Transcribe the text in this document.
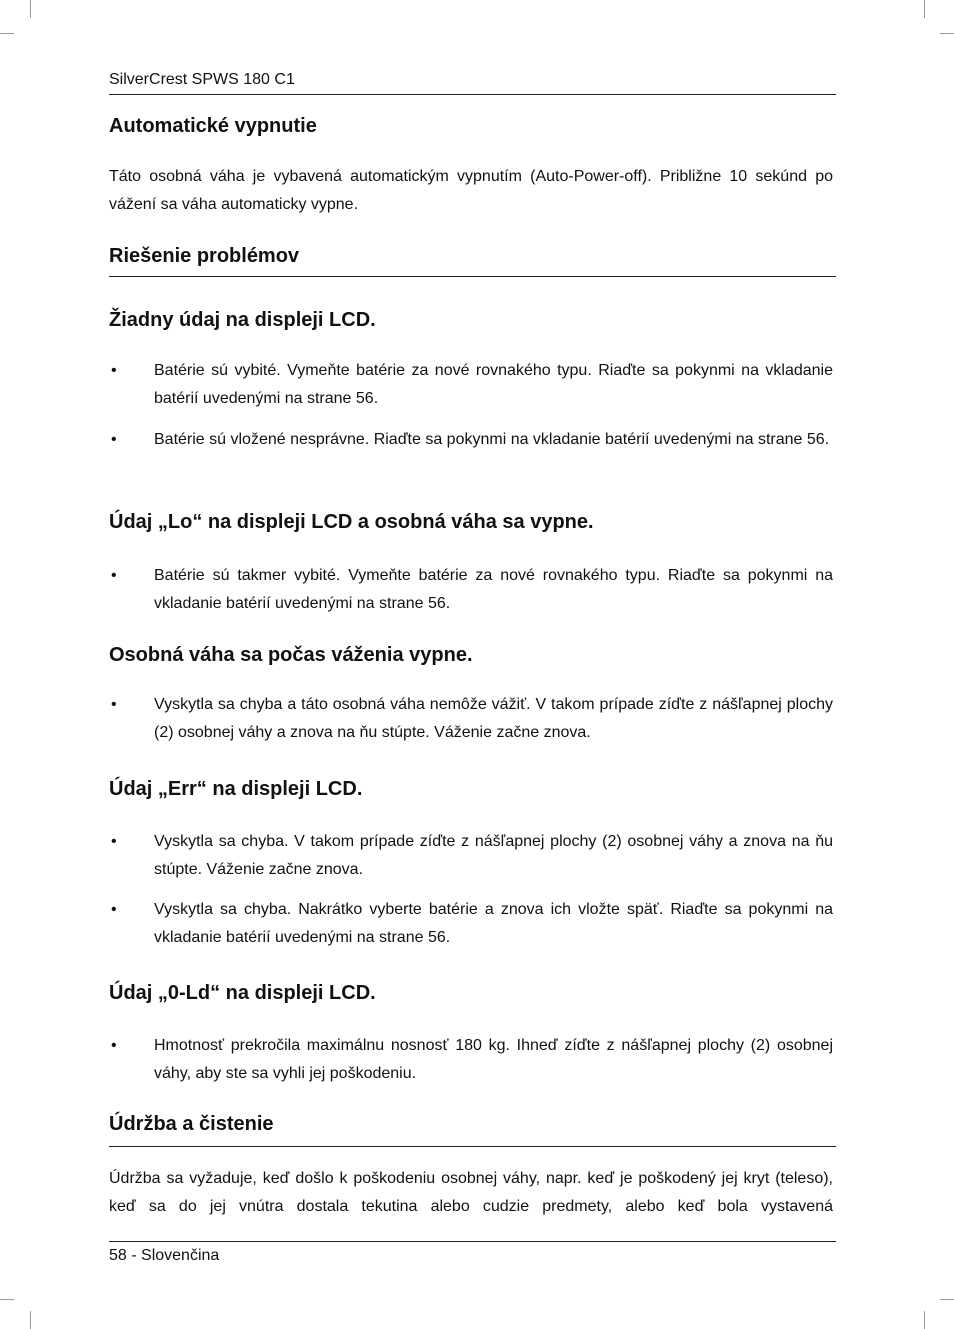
SilverCrest SPWS 180 C1
Automatické vypnutie
Táto osobná váha je vybavená automatickým vypnutím (Auto-Power-off). Približne 10 sekúnd po vážení sa váha automaticky vypne.
Riešenie problémov
Žiadny údaj na displeji LCD.
• Batérie sú vybité. Vymeňte batérie za nové rovnakého typu. Riaďte sa pokynmi na vkladanie batérií uvedenými na strane 56.
• Batérie sú vložené nesprávne. Riaďte sa pokynmi na vkladanie batérií uvedenými na strane 56.
Údaj „Lo“ na displeji LCD a osobná váha sa vypne.
• Batérie sú takmer vybité. Vymeňte batérie za nové rovnakého typu. Riaďte sa pokynmi na vkladanie batérií uvedenými na strane 56.
Osobná váha sa počas váženia vypne.
• Vyskytla sa chyba a táto osobná váha nemôže vážiť. V takom prípade zíďte z nášľapnej plochy (2) osobnej váhy a znova na ňu stúpte. Váženie začne znova.
Údaj „Err“ na displeji LCD.
• Vyskytla sa chyba. V takom prípade zíďte z nášľapnej plochy (2) osobnej váhy a znova na ňu stúpte. Váženie začne znova.
• Vyskytla sa chyba. Nakrátko vyberte batérie a znova ich vložte späť. Riaďte sa pokynmi na vkladanie batérií uvedenými na strane 56.
Údaj „0-Ld“ na displeji LCD.
• Hmotnosť prekročila maximálnu nosnosť 180 kg. Ihneď zíďte z nášľapnej plochy (2) osobnej váhy, aby ste sa vyhli jej poškodeniu.
Údržba a čistenie
Údržba sa vyžaduje, keď došlo k poškodeniu osobnej váhy, napr. keď je poškodený jej kryt (teleso), keď sa do jej vnútra dostala tekutina alebo cudzie predmety, alebo keď bola vystavená
58 - Slovenčina
